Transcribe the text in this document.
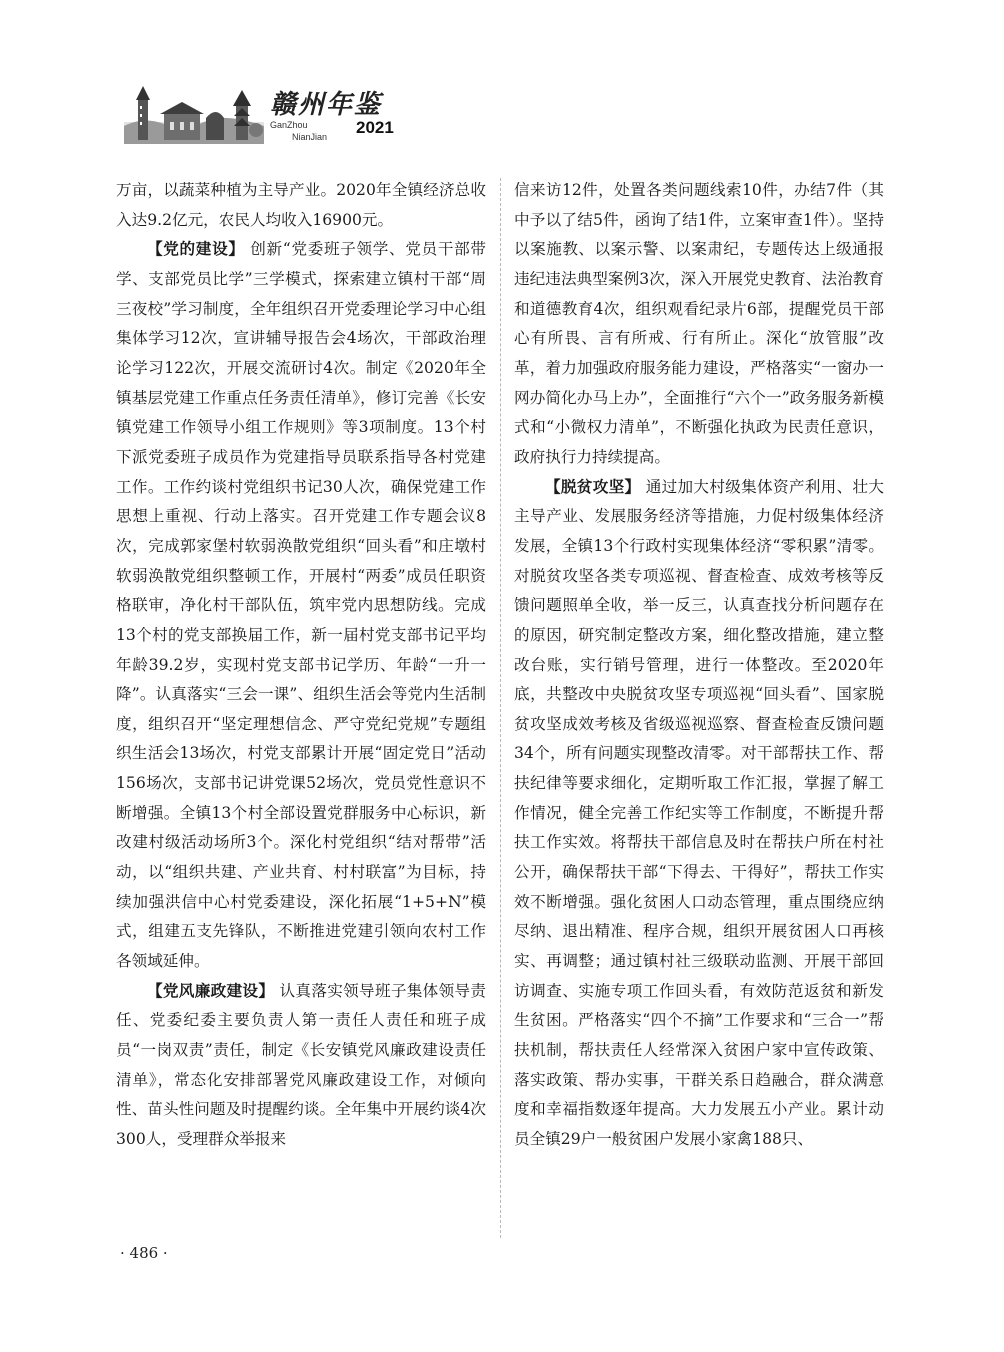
赣州年鉴
GanZhou
NianJian 2021

万亩，以蔬菜种植为主导产业。2020年全镇经济总收入达9.2亿元，农民人均收入16900元。

【党的建设】 创新“党委班子领学、党员干部带学、支部党员比学”三学模式，探索建立镇村干部“周三夜校”学习制度，全年组织召开党委理论学习中心组集体学习12次，宣讲辅导报告会4场次，干部政治理论学习122次，开展交流研讨4次。制定《2020年全镇基层党建工作重点任务责任清单》，修订完善《长安镇党建工作领导小组工作规则》等3项制度。13个村下派党委班子成员作为党建指导员联系指导各村党建工作。工作约谈村党组织书记30人次，确保党建工作思想上重视、行动上落实。召开党建工作专题会议8次，完成郭家堡村软弱涣散党组织“回头看”和庄墩村软弱涣散党组织整顿工作，开展村“两委”成员任职资格联审，净化村干部队伍，筑牢党内思想防线。完成13个村的党支部换届工作，新一届村党支部书记平均年龄39.2岁，实现村党支部书记学历、年龄“一升一降”。认真落实“三会一课”、组织生活会等党内生活制度，组织召开“坚定理想信念、严守党纪党规”专题组织生活会13场次，村党支部累计开展“固定党日”活动156场次，支部书记讲党课52场次，党员党性意识不断增强。全镇13个村全部设置党群服务中心标识，新改建村级活动场所3个。深化村党组织“结对帮带”活动，以“组织共建、产业共育、村村联富”为目标，持续加强洪信中心村党委建设，深化拓展“1+5+N”模式，组建五支先锋队，不断推进党建引领向农村工作各领域延伸。

【党风廉政建设】 认真落实领导班子集体领导责任、党委纪委主要负责人第一责任人责任和班子成员“一岗双责”责任，制定《长安镇党风廉政建设责任清单》，常态化安排部署党风廉政建设工作，对倾向性、苗头性问题及时提醒约谈。全年集中开展约谈4次300人，受理群众举报来

信来访12件，处置各类问题线索10件，办结7件（其中予以了结5件，函询了结1件，立案审查1件）。坚持以案施教、以案示警、以案肃纪，专题传达上级通报违纪违法典型案例3次，深入开展党史教育、法治教育和道德教育4次，组织观看纪录片6部，提醒党员干部心有所畏、言有所戒、行有所止。深化“放管服”改革，着力加强政府服务能力建设，严格落实“一窗办一网办简化办马上办”，全面推行“六个一”政务服务新模式和“小微权力清单”，不断强化执政为民责任意识，政府执行力持续提高。

【脱贫攻坚】 通过加大村级集体资产利用、壮大主导产业、发展服务经济等措施，力促村级集体经济发展，全镇13个行政村实现集体经济“零积累”清零。对脱贫攻坚各类专项巡视、督查检查、成效考核等反馈问题照单全收，举一反三，认真查找分析问题存在的原因，研究制定整改方案，细化整改措施，建立整改台账，实行销号管理，进行一体整改。至2020年底，共整改中央脱贫攻坚专项巡视“回头看”、国家脱贫攻坚成效考核及省级巡视巡察、督查检查反馈问题34个，所有问题实现整改清零。对干部帮扶工作、帮扶纪律等要求细化，定期听取工作汇报，掌握了解工作情况，健全完善工作纪实等工作制度，不断提升帮扶工作实效。将帮扶干部信息及时在帮扶户所在村社公开，确保帮扶干部“下得去、干得好”，帮扶工作实效不断增强。强化贫困人口动态管理，重点围绕应纳尽纳、退出精准、程序合规，组织开展贫困人口再核实、再调整；通过镇村社三级联动监测、开展干部回访调查、实施专项工作回头看，有效防范返贫和新发生贫困。严格落实“四个不摘”工作要求和“三合一”帮扶机制，帮扶责任人经常深入贫困户家中宣传政策、落实政策、帮办实事，干群关系日趋融合，群众满意度和幸福指数逐年提高。大力发展五小产业。累计动员全镇29户一般贫困户发展小家禽188只、

· 486 ·
